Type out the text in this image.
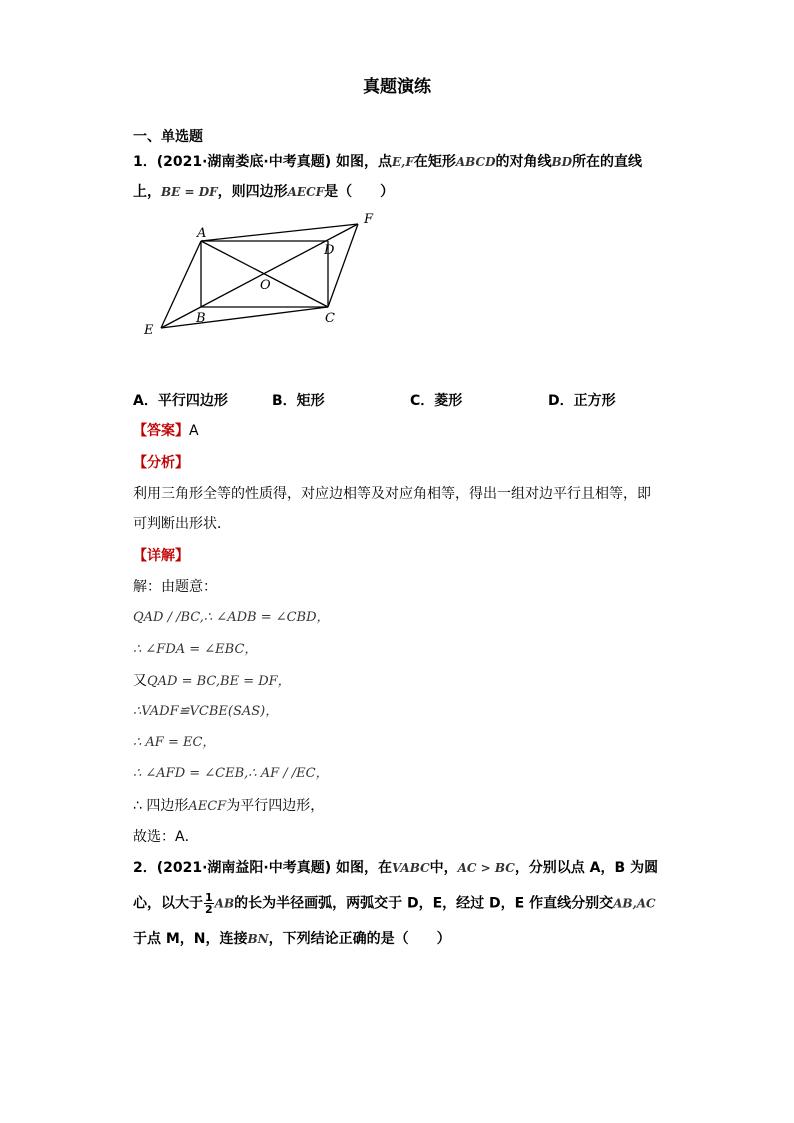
真题演练
一、单选题
1．(2021·湖南娄底·中考真题) 如图，点E,F在矩形ABCD的对角线BD所在的直线
上，BE = DF，则四边形AECF是（　　）
A
B	C
D
E
F
O
A．平行四边形	B．矩形	C．菱形	D．正方形
【答案】A
【分析】
利用三角形全等的性质得，对应边相等及对应角相等，得出一组对边平行且相等，即
可判断出形状．
【详解】
解：由题意：
QAD / /BC,∴ ∠ADB = ∠CBD，
∴ ∠FDA = ∠EBC，
又QAD = BC,BE = DF，
∴VADF≌VCBE(SAS)，
∴ AF = EC，
∴ ∠AFD = ∠CEB,∴ AF / /EC，
∴ 四边形AECF为平行四边形，
故选：A．
2．(2021·湖南益阳·中考真题) 如图，在VABC中，AC > BC，分别以点 A，B 为圆
心，以大于 $\frac{1}{2}$ AB的长为半径画弧，两弧交于 D，E，经过 D，E 作直线分别交AB,AC
于点 M，N，连接BN，下列结论正确的是（　　）
